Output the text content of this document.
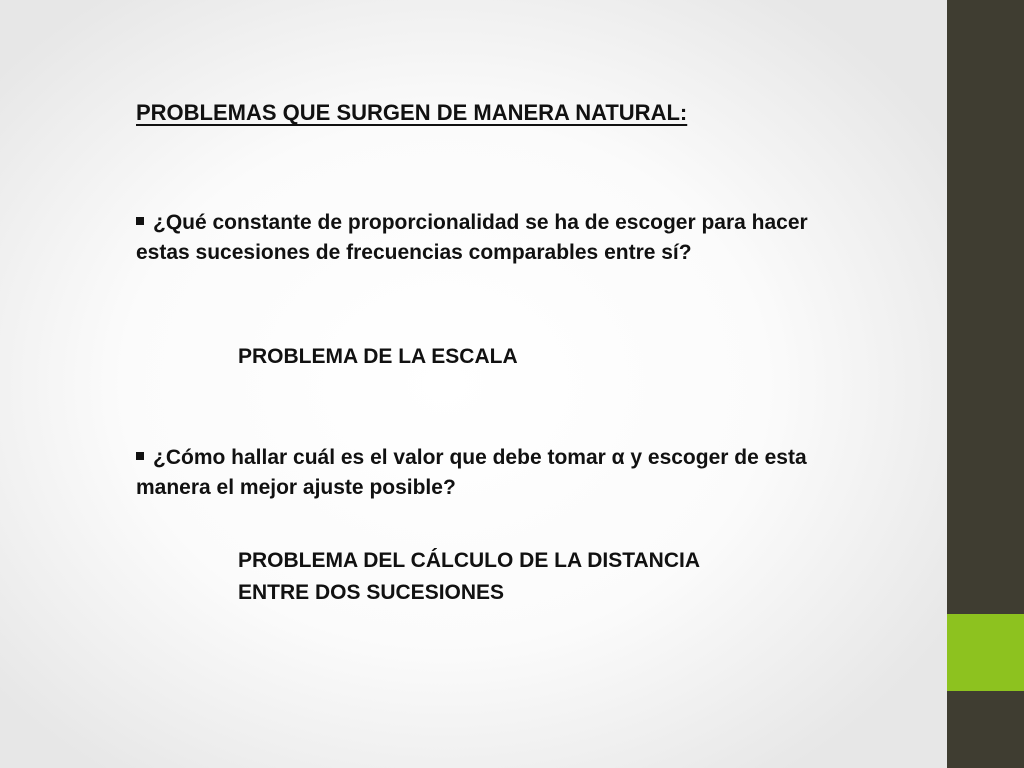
PROBLEMAS QUE SURGEN DE MANERA NATURAL:
¿Qué constante de proporcionalidad se ha de escoger para hacer estas sucesiones de frecuencias comparables entre sí?
PROBLEMA DE LA ESCALA
¿Cómo hallar cuál es el valor que debe tomar α y escoger de esta manera el mejor ajuste posible?
PROBLEMA DEL CÁLCULO DE LA DISTANCIA
ENTRE DOS SUCESIONES
